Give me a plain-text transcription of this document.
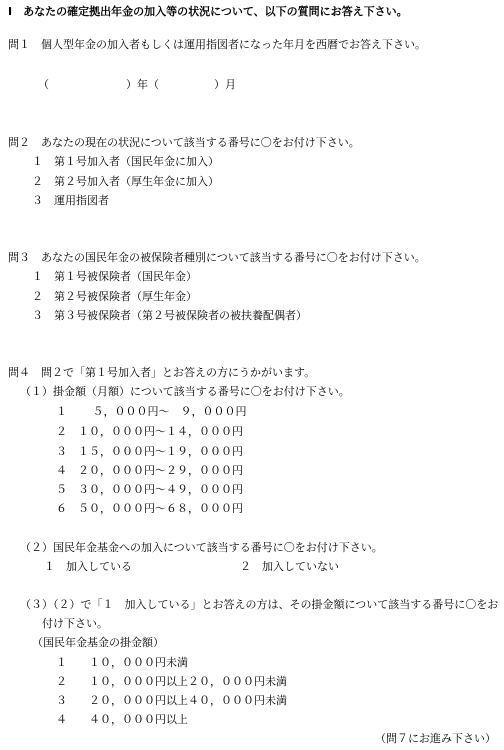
Ⅰ　あなたの確定拠出年金の加入等の状況について、以下の質問にお答え下さい。
問１　個人型年金の加入者もしくは運用指図者になった年月を西暦でお答え下さい。
（　　　　　　　）年（　　　　　）月
問２　あなたの現在の状況について該当する番号に〇をお付け下さい。
１　第１号加入者（国民年金に加入）
２　第２号加入者（厚生年金に加入）
３　運用指図者
問３　あなたの国民年金の被保険者種別について該当する番号に〇をお付け下さい。
１　第１号被保険者（国民年金）
２　第２号被保険者（厚生年金）
３　第３号被保険者（第２号被保険者の被扶養配偶者）
問４　問２で「第１号加入者」とお答えの方にうかがいます。
（１）掛金額（月額）について該当する番号に〇をお付け下さい。
１　　 ５，０００円～　９，０００円
２　１０，０００円～１４，０００円
３　１５，０００円～１９，０００円
４　２０，０００円～２９，０００円
５　３０，０００円～４９，０００円
６　５０，０００円～６８，０００円
（２）国民年金基金への加入について該当する番号に〇をお付け下さい。
１　加入している	２　加入していない
（３）（２）で「１　加入している」とお答えの方は、その掛金額について該当する番号に〇をお
付け下さい。
（国民年金基金の掛金額）
１　　１０，０００円未満
２　　１０，０００円以上２０，０００円未満
３　　２０，０００円以上４０，０００円未満
４　　４０，０００円以上
（問７にお進み下さい）
